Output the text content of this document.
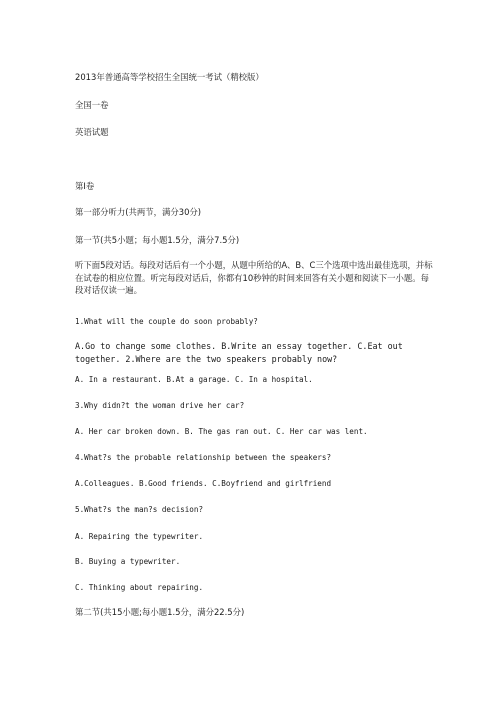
2013年普通高等学校招生全国统一考试（精校版）
全国一卷
英语试题
第Ⅰ卷
第一部分听力(共两节，满分30分)
第一节(共5小题；每小题1.5分，满分7.5分)
听下面5段对话。每段对话后有一个小题，从题中所给的A、B、C三个选项中选出最佳选项，并标在试卷的相应位置。听完每段对话后，你都有10秒钟的时间来回答有关小题和阅读下一小题。每段对话仅读一遍。
1.What will the couple do soon probably?
A.Go to change some clothes. B.Write an essay together. C.Eat out together. 2.Where are the two speakers probably now?
A. In a restaurant. B.At a garage. C. In a hospital.
3.Why didn?t the woman drive her car?
A. Her car broken down. B. The gas ran out. C. Her car was lent.
4.What?s the probable relationship between the speakers?
A.Colleagues. B.Good friends. C.Boyfriend and girlfriend
5.What?s the man?s decision?
A. Repairing the typewriter.
B. Buying a typewriter.
C. Thinking about repairing.
第二节(共15小题;每小题1.5分，满分22.5分)
